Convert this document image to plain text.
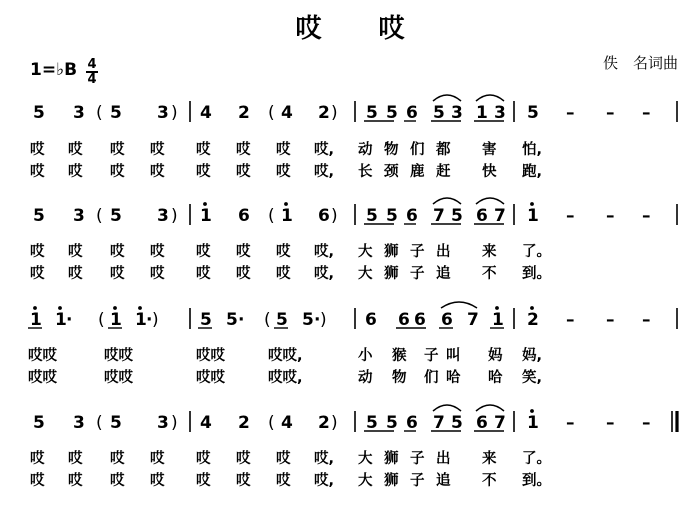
哎 哎
佚　名词曲
1=♭B 4
4
5 3 ( 5 3 ) 4 2 ( 4 2 ) 5 5 6 5 3 1 3 5 – – –
5 3 ( 5 3 ) 1 6 ( 1 6 ) 5 5 6 7 5 6 7 1 – – –
1 1 · ( 1 1 · ) 5 5 · ( 5 5 · ) 6 6 6 6 7 1 2 – – –
5 3 ( 5 3 ) 4 2 ( 4 2 ) 5 5 6 7 5 6 7 1 – – –
哎 哎 哎 哎 哎 哎 哎 哎, 动 物 们 都 害 怕,
哎 哎 哎 哎 哎 哎 哎 哎, 长 颈 鹿 赶 快 跑,
哎 哎 哎 哎 哎 哎 哎 哎, 大 狮 子 出 来 了。
哎 哎 哎 哎 哎 哎 哎 哎, 大 狮 子 追 不 到。
哎哎	哎哎	哎哎	哎哎,	小 猴 子 叫 妈 妈,
哎哎	哎哎	哎哎	哎哎,	动 物 们 哈 哈 笑,
哎 哎 哎 哎 哎 哎 哎 哎, 大 狮 子 出 来 了。
哎 哎 哎 哎 哎 哎 哎 哎, 大 狮 子 追 不 到。
